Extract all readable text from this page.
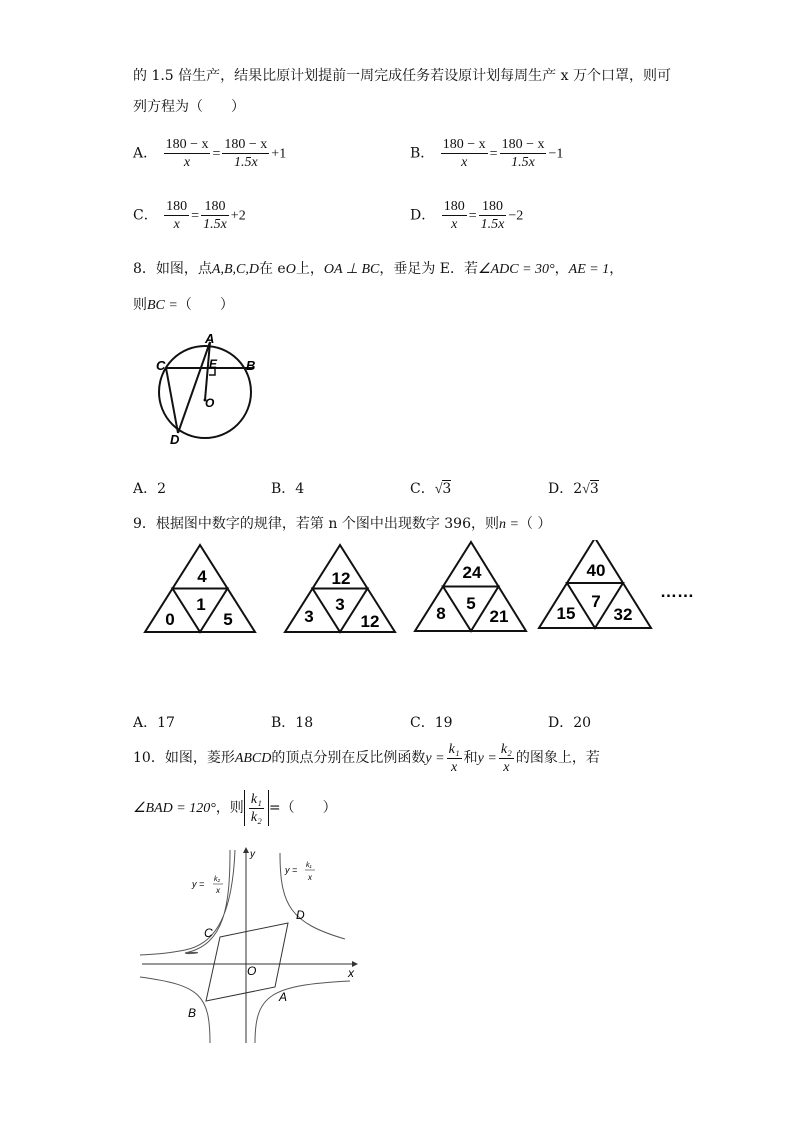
的 1.5 倍生产，结果比原计划提前一周完成任务若设原计划每周生产 x 万个口罩，则可
列方程为（　　）
A． $\frac{180 - x}{x} = \frac{180 - x}{1.5x} +1$	B． $\frac{180 - x}{x} = \frac{180 - x}{1.5x} -1$
C． $\frac{180}{x} = \frac{180}{1.5x} +2$	D． $\frac{180}{x} = \frac{180}{1.5x} -2$
8．如图，点A,B,C,D在 eO上，OA ⊥ BC，垂足为 E．若∠ADC = 30°，AE = 1，
则BC =（　　）
A
B
C
D
E
O
A．2	B．4	C．√3	D．2√3
9．根据图中数字的规律，若第 n 个图中出现数字 396，则n =（ ）
4
1
0	5
12
3
3	12
24
5
8	21
40
7
15 32
……
A．17	B．18	C．19	D．20
10．如图，菱形ABCD的顶点分别在反比例函数$y = \frac{\text{k₁}}{x}$ 和$y = \frac{\text{k₂}}{x}$ 的图象上，若
∠BAD = 120°，则 $\frac{\text{k₁}}{\text{k₂}}$ =（　　）
y
x
O
y = k₂
x
y = k₁
x
C
D
A
B
